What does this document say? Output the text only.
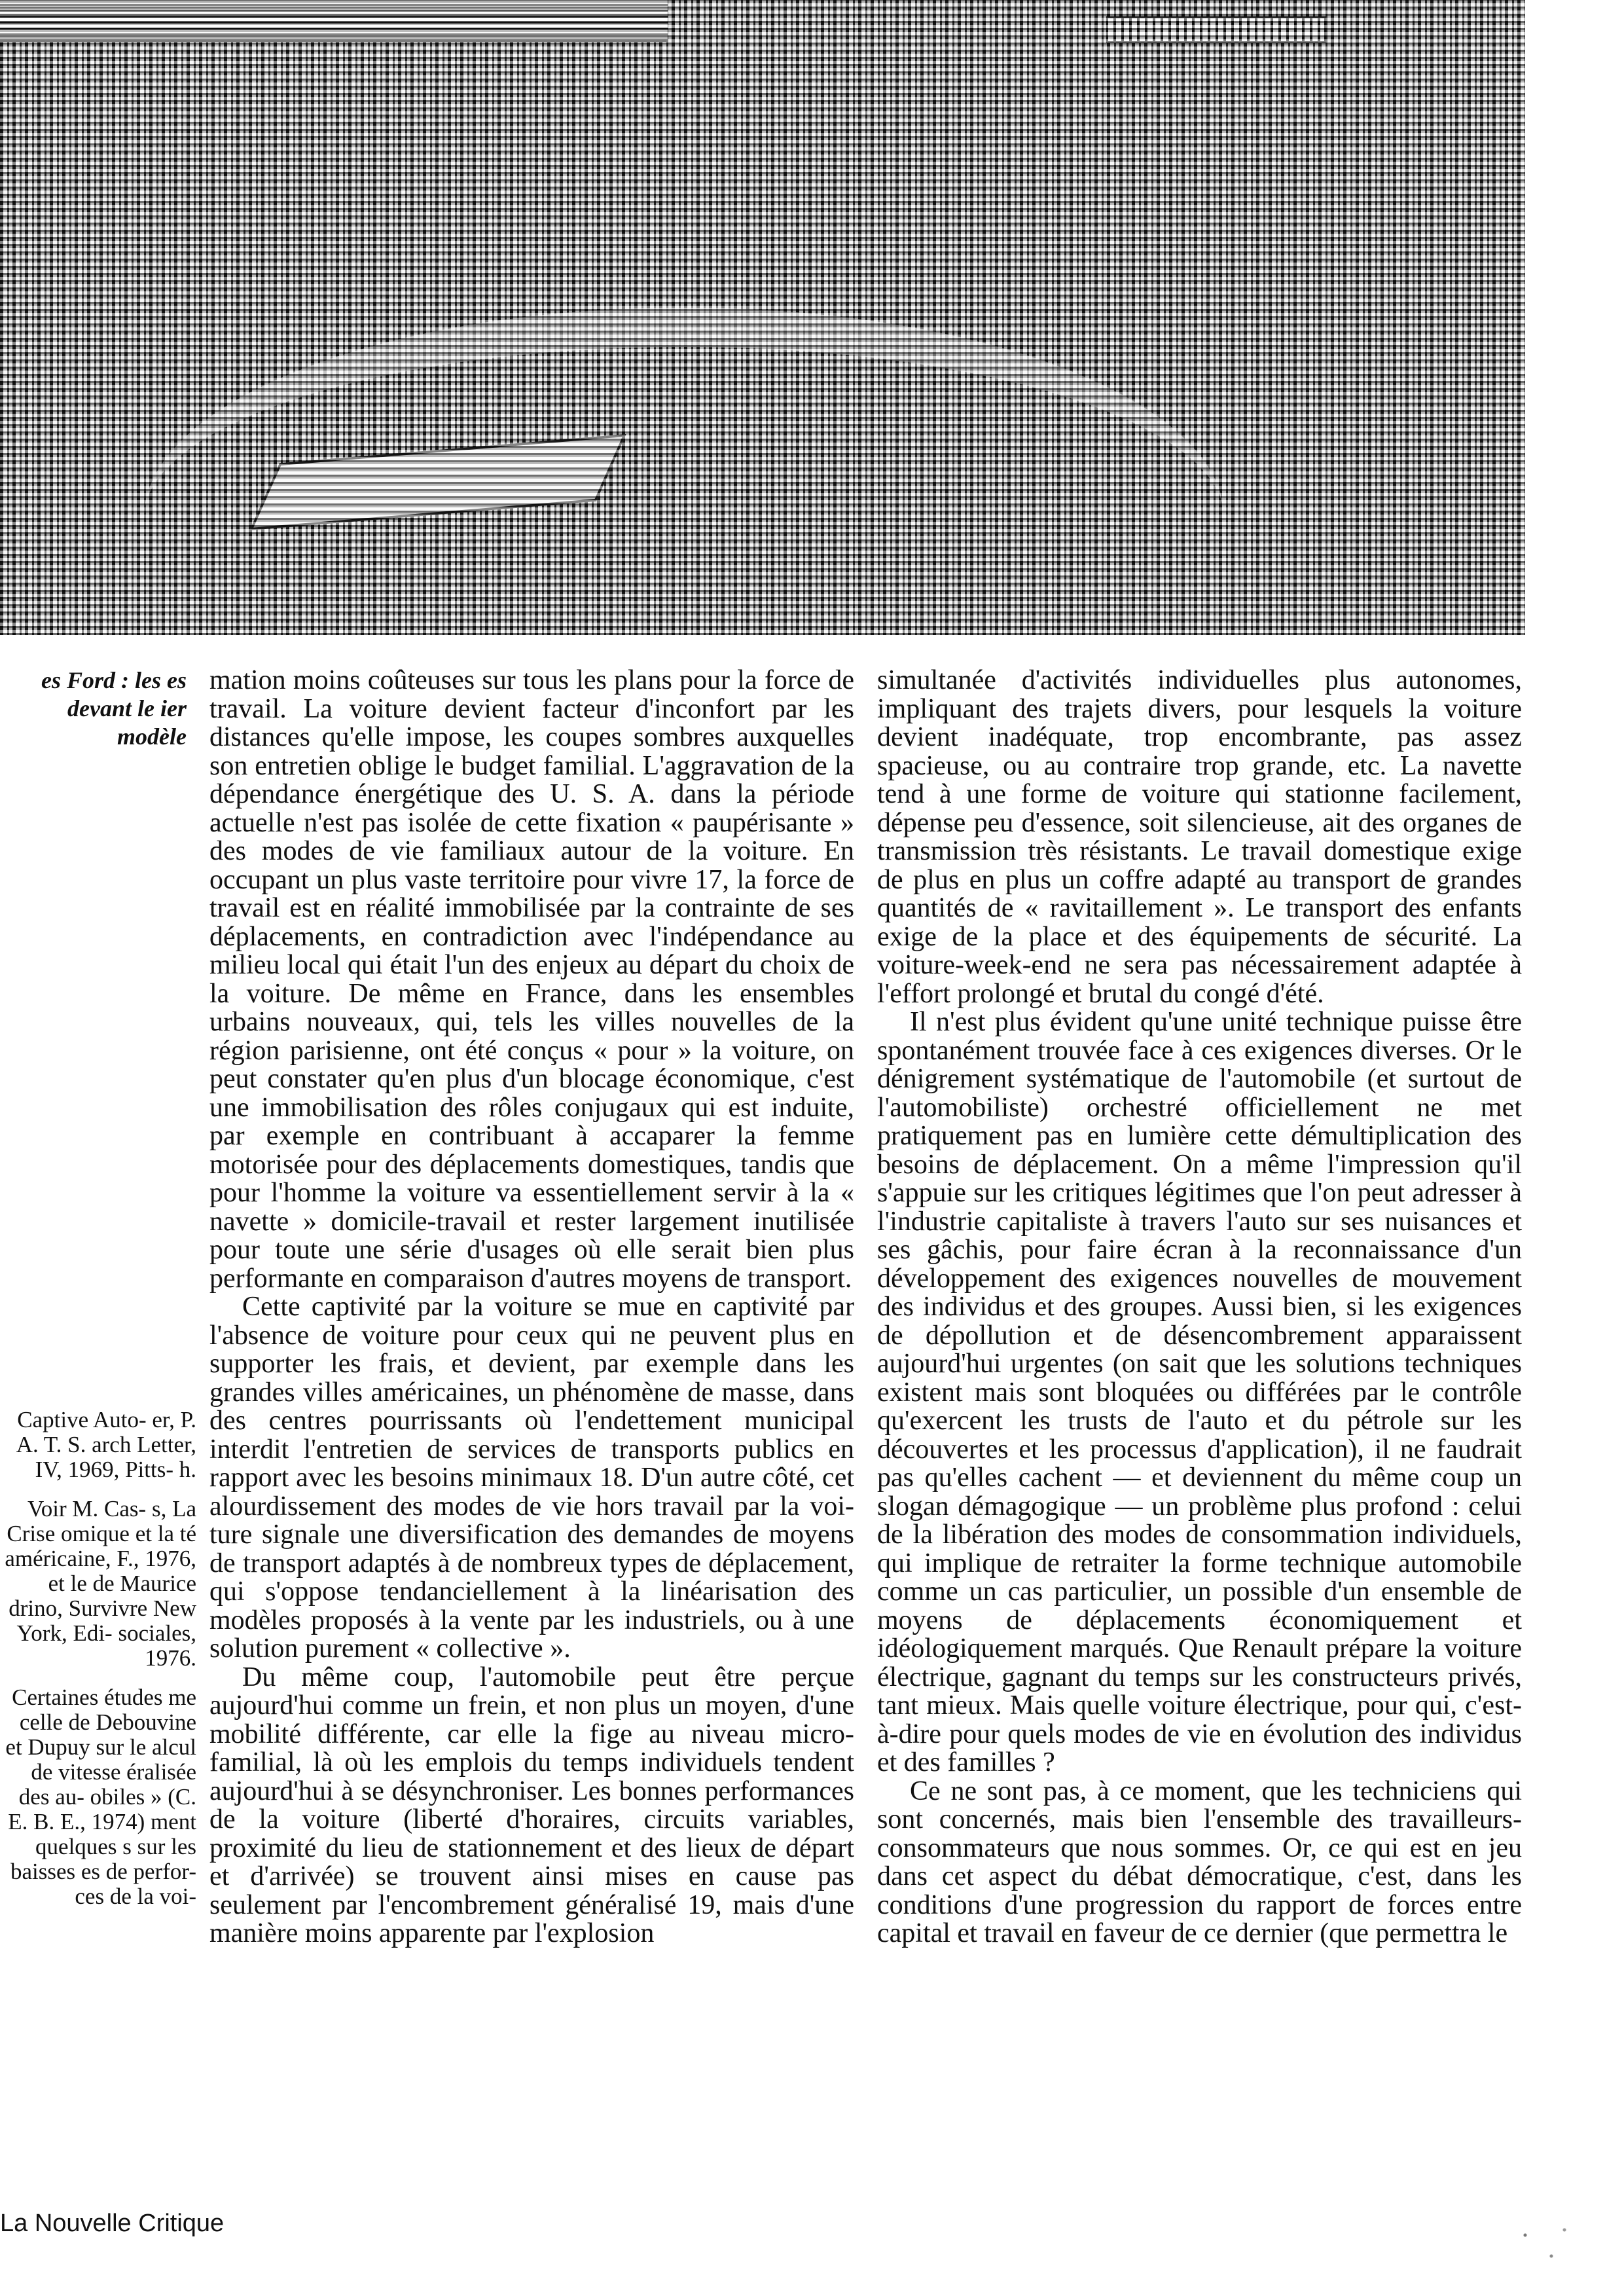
es Ford : les es devant le ier modèle

Captive Auto- er, P. A. T. S. arch Letter, IV, 1969, Pitts- h.

Voir M. Cas- s, La Crise omique et la té américaine, F., 1976, et le de Maurice drino, Survivre New York, Edi- sociales, 1976.

Certaines études me celle de Debouvine et Dupuy sur le alcul de vitesse éralisée des au- obiles » (C. E. B. E., 1974) ment quelques s sur les baisses es de perfor- ces de la voi-

mation moins coûteuses sur tous les plans pour la force de travail. La voiture devient facteur d'inconfort par les distances qu'elle impose, les coupes sombres auxquelles son entretien oblige le budget familial. L'aggravation de la dépendance énergétique des U. S. A. dans la période actuelle n'est pas isolée de cette fixation « paupérisante » des modes de vie familiaux autour de la voiture. En occupant un plus vaste territoire pour vivre 17, la force de travail est en réalité immobilisée par la contrainte de ses déplacements, en contradiction avec l'indépendance au milieu local qui était l'un des enjeux au départ du choix de la voiture. De même en France, dans les ensembles urbains nouveaux, qui, tels les villes nouvelles de la région parisienne, ont été conçus « pour » la voiture, on peut constater qu'en plus d'un blocage économique, c'est une immobilisation des rôles conjugaux qui est induite, par exemple en contribuant à accaparer la femme motorisée pour des déplacements domestiques, tandis que pour l'homme la voiture va essentiellement servir à la « navette » domicile-travail et rester largement inutilisée pour toute une série d'usages où elle serait bien plus performante en comparaison d'autres moyens de transport.

Cette captivité par la voiture se mue en captivité par l'absence de voiture pour ceux qui ne peuvent plus en supporter les frais, et devient, par exemple dans les grandes villes américaines, un phénomène de masse, dans des centres pourrissants où l'endettement municipal interdit l'entretien de services de transports publics en rapport avec les besoins minimaux 18. D'un autre côté, cet alourdissement des modes de vie hors travail par la voiture signale une diversification des demandes de moyens de transport adaptés à de nombreux types de déplacement, qui s'oppose tendanciellement à la linéarisation des modèles proposés à la vente par les industriels, ou à une solution purement « collective ».

Du même coup, l'automobile peut être perçue aujourd'hui comme un frein, et non plus un moyen, d'une mobilité différente, car elle la fige au niveau micro-familial, là où les emplois du temps individuels tendent aujourd'hui à se désynchroniser. Les bonnes performances de la voiture (liberté d'horaires, circuits variables, proximité du lieu de stationnement et des lieux de départ et d'arrivée) se trouvent ainsi mises en cause pas seulement par l'encombrement généralisé 19, mais d'une manière moins apparente par l'explosion

simultanée d'activités individuelles plus autonomes, impliquant des trajets divers, pour lesquels la voiture devient inadéquate, trop encombrante, pas assez spacieuse, ou au contraire trop grande, etc. La navette tend à une forme de voiture qui stationne facilement, dépense peu d'essence, soit silencieuse, ait des organes de transmission très résistants. Le travail domestique exige de plus en plus un coffre adapté au transport de grandes quantités de « ravitaillement ». Le transport des enfants exige de la place et des équipements de sécurité. La voiture-week-end ne sera pas nécessairement adaptée à l'effort prolongé et brutal du congé d'été.

Il n'est plus évident qu'une unité technique puisse être spontanément trouvée face à ces exigences diverses. Or le dénigrement systématique de l'automobile (et surtout de l'automobiliste) orchestré officiellement ne met pratiquement pas en lumière cette démultiplication des besoins de déplacement. On a même l'impression qu'il s'appuie sur les critiques légitimes que l'on peut adresser à l'industrie capitaliste à travers l'auto sur ses nuisances et ses gâchis, pour faire écran à la reconnaissance d'un développement des exigences nouvelles de mouvement des individus et des groupes. Aussi bien, si les exigences de dépollution et de désencombrement apparaissent aujourd'hui urgentes (on sait que les solutions techniques existent mais sont bloquées ou différées par le contrôle qu'exercent les trusts de l'auto et du pétrole sur les découvertes et les processus d'application), il ne faudrait pas qu'elles cachent — et deviennent du même coup un slogan démagogique — un problème plus profond : celui de la libération des modes de consommation individuels, qui implique de retraiter la forme technique automobile comme un cas particulier, un possible d'un ensemble de moyens de déplacements économiquement et idéologiquement marqués. Que Renault prépare la voiture électrique, gagnant du temps sur les constructeurs privés, tant mieux. Mais quelle voiture électrique, pour qui, c'est-à-dire pour quels modes de vie en évolution des individus et des familles ?

Ce ne sont pas, à ce moment, que les techniciens qui sont concernés, mais bien l'ensemble des travailleurs-consommateurs que nous sommes. Or, ce qui est en jeu dans cet aspect du débat démocratique, c'est, dans les conditions d'une progression du rapport de forces entre capital et travail en faveur de ce dernier (que permettra le

La Nouvelle Critique
